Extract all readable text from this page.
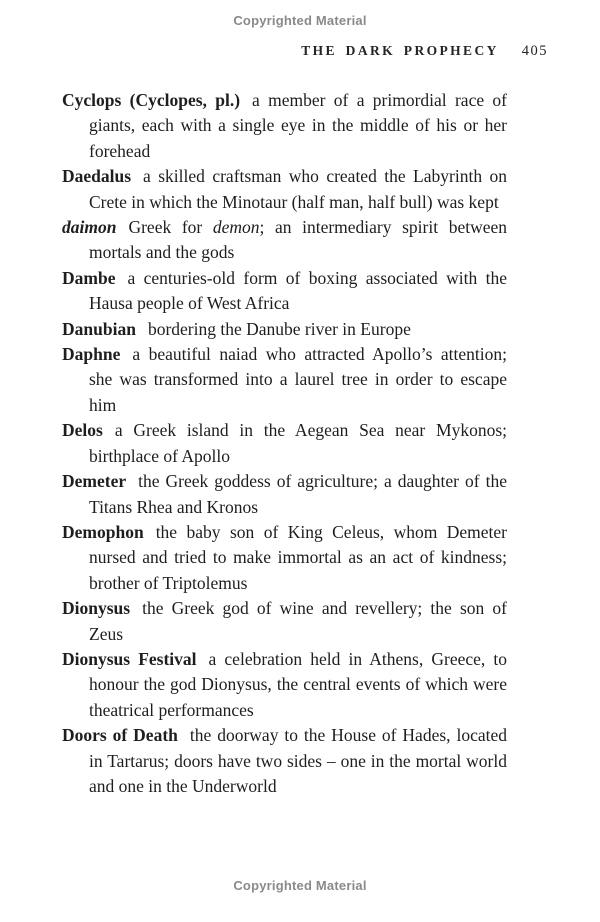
Copyrighted Material
THE DARK PROPHECY 405

Cyclops (Cyclopes, pl.) a member of a primordial race of giants, each with a single eye in the middle of his or her forehead

Daedalus a skilled craftsman who created the Labyrinth on Crete in which the Minotaur (half man, half bull) was kept

daimon Greek for demon; an intermediary spirit between mortals and the gods

Dambe a centuries-old form of boxing associated with the Hausa people of West Africa

Danubian bordering the Danube river in Europe

Daphne a beautiful naiad who attracted Apollo’s attention; she was transformed into a laurel tree in order to escape him

Delos a Greek island in the Aegean Sea near Mykonos; birthplace of Apollo

Demeter the Greek goddess of agriculture; a daughter of the Titans Rhea and Kronos

Demophon the baby son of King Celeus, whom Demeter nursed and tried to make immortal as an act of kindness; brother of Triptolemus

Dionysus the Greek god of wine and revellery; the son of Zeus

Dionysus Festival a celebration held in Athens, Greece, to honour the god Dionysus, the central events of which were theatrical performances

Doors of Death the doorway to the House of Hades, located in Tartarus; doors have two sides – one in the mortal world and one in the Underworld

Copyrighted Material
